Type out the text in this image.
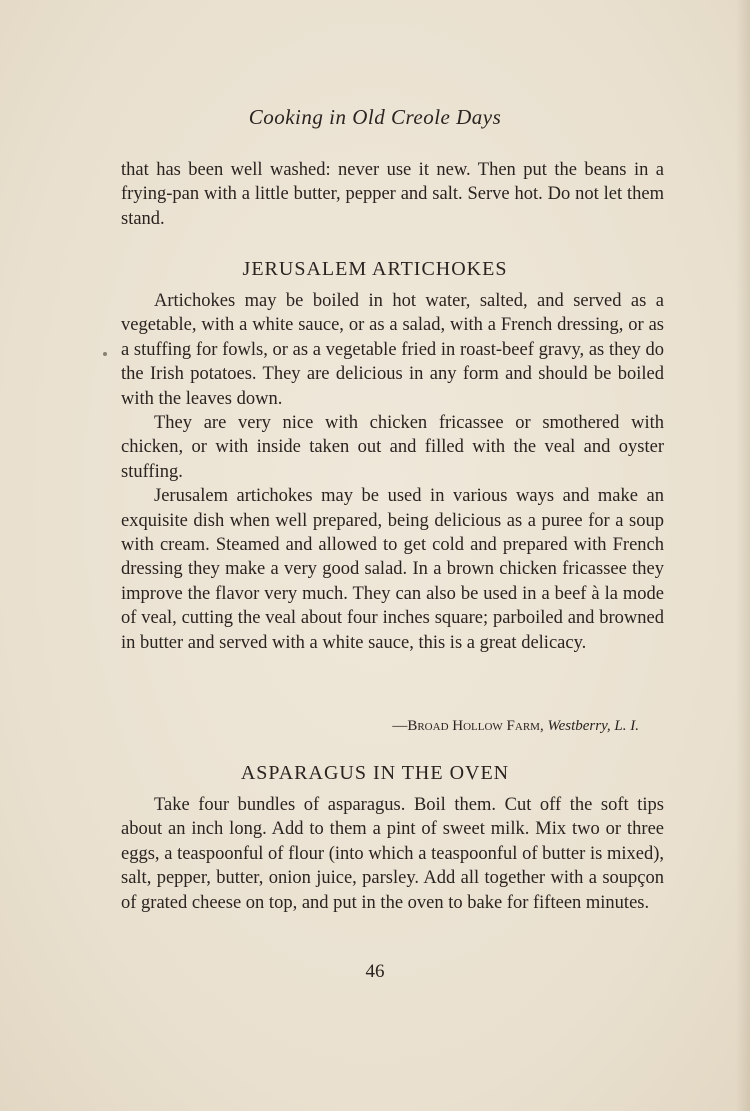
Cooking in Old Creole Days

that has been well washed: never use it new. Then put the beans in a frying-pan with a little butter, pepper and salt. Serve hot. Do not let them stand.

JERUSALEM ARTICHOKES

Artichokes may be boiled in hot water, salted, and served as a vegetable, with a white sauce, or as a salad, with a French dressing, or as a stuffing for fowls, or as a vegetable fried in roast-beef gravy, as they do the Irish potatoes. They are delicious in any form and should be boiled with the leaves down.

They are very nice with chicken fricassee or smothered with chicken, or with inside taken out and filled with the veal and oyster stuffing.

Jerusalem artichokes may be used in various ways and make an exquisite dish when well prepared, being delicious as a puree for a soup with cream. Steamed and allowed to get cold and prepared with French dressing they make a very good salad. In a brown chicken fricassee they improve the flavor very much. They can also be used in a beef à la mode of veal, cutting the veal about four inches square; parboiled and browned in butter and served with a white sauce, this is a great delicacy.

—Broad Hollow Farm, Westberry, L. I.
ASPARAGUS IN THE OVEN

Take four bundles of asparagus. Boil them. Cut off the soft tips about an inch long. Add to them a pint of sweet milk. Mix two or three eggs, a teaspoonful of flour (into which a teaspoonful of butter is mixed), salt, pepper, butter, onion juice, parsley. Add all together with a soupçon of grated cheese on top, and put in the oven to bake for fifteen minutes.

46
